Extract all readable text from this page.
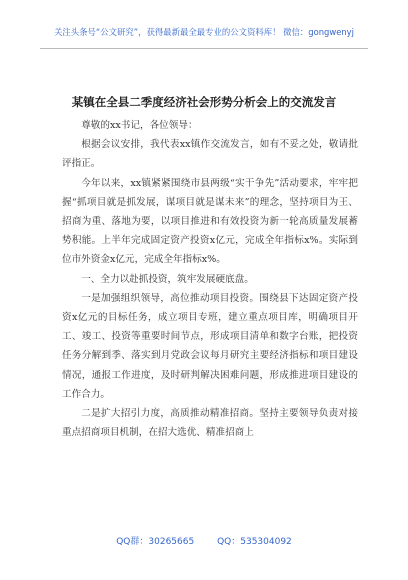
关注头条号“公文研究”，获得最新最全最专业的公文资料库！ 微信：gongwenyj
某镇在全县二季度经济社会形势分析会上的交流发言

尊敬的xx书记，各位领导：

根据会议安排，我代表xx镇作交流发言，如有不妥之处，敬请批评指正。

今年以来，xx镇紧紧围绕市县两级“实干争先”活动要求，牢牢把握“抓项目就是抓发展，谋项目就是谋未来”的理念，坚持项目为王、招商为重、落地为要，以项目推进和有效投资为新一轮高质量发展蓄势积能。上半年完成固定资产投资x亿元，完成全年指标x%。实际到位市外资金x亿元，完成全年指标x%。

一、全力以赴抓投资，筑牢发展硬底盘。

一是加强组织领导，高位推动项目投资。围绕县下达固定资产投资x亿元的目标任务，成立项目专班，建立重点项目库，明确项目开工、竣工、投资等重要时间节点，形成项目清单和数字台账，把投资任务分解到季、落实到月党政会议每月研究主要经济指标和项目建设情况，通报工作进度，及时研判解决困难问题，形成推进项目建设的工作合力。

二是扩大招引力度，高质推动精准招商。坚持主要领导负责对接重点招商项目机制，在招大选优、精准招商上

QQ群：30265665	QQ：535304092
